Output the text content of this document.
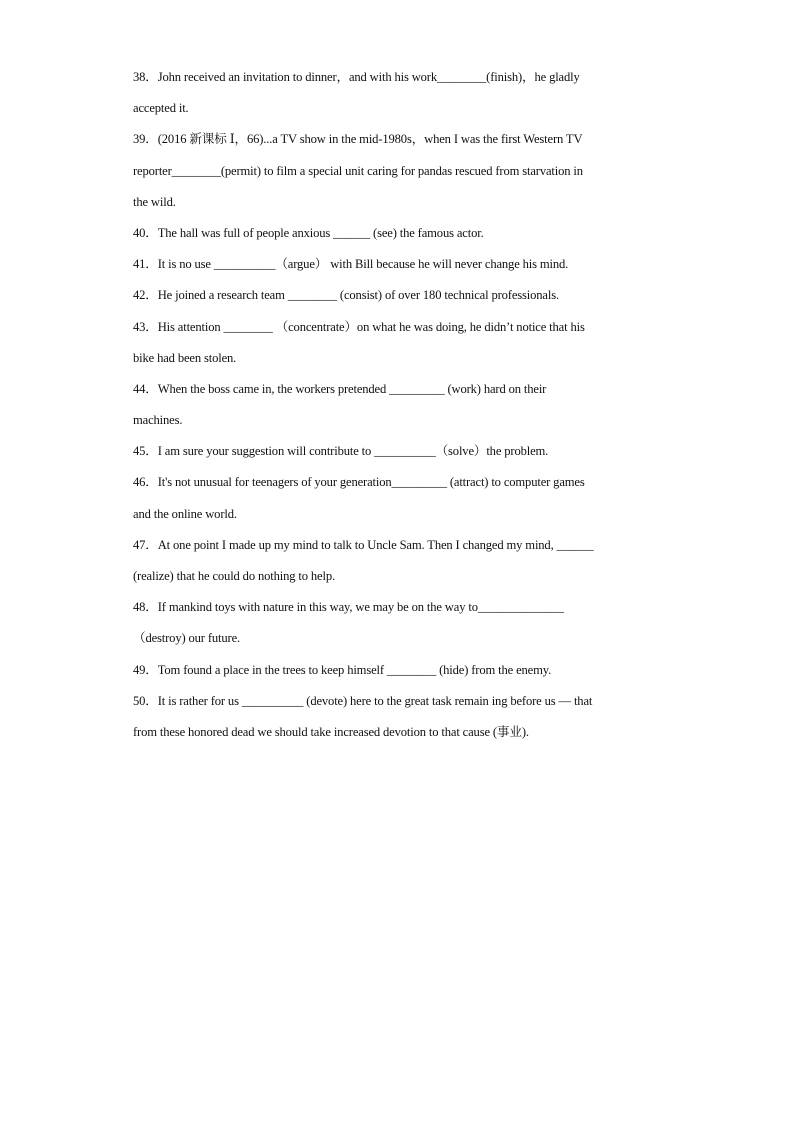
38．John received an invitation to dinner，and with his work________(finish)，he gladly
accepted it.
39．(2016 新课标 Ⅰ，66)...a TV show in the mid-1980s，when I was the first Western TV
reporter________(permit) to film a special unit caring for pandas rescued from starvation in
the wild.
40．The hall was full of people anxious ______ (see) the famous actor.
41．It is no use __________（argue） with Bill because he will never change his mind.
42．He joined a research team ________ (consist) of over 180 technical professionals.
43．His attention ________ （concentrate）on what he was doing, he didn’t notice that his
bike had been stolen.
44．When the boss came in, the workers pretended _________ (work) hard on their
machines.
45．I am sure your suggestion will contribute to __________（solve）the problem.
46．It's not unusual for teenagers of your generation_________ (attract) to computer games
and the online world.
47．At one point I made up my mind to talk to Uncle Sam. Then I changed my mind, ______
(realize) that he could do nothing to help.
48．If mankind toys with nature in this way, we may be on the way to______________
（destroy) our future.
49．Tom found a place in the trees to keep himself ________ (hide) from the enemy.
50．It is rather for us __________ (devote) here to the great task remain ing before us — that
from these honored dead we should take increased devotion to that cause (事业).
